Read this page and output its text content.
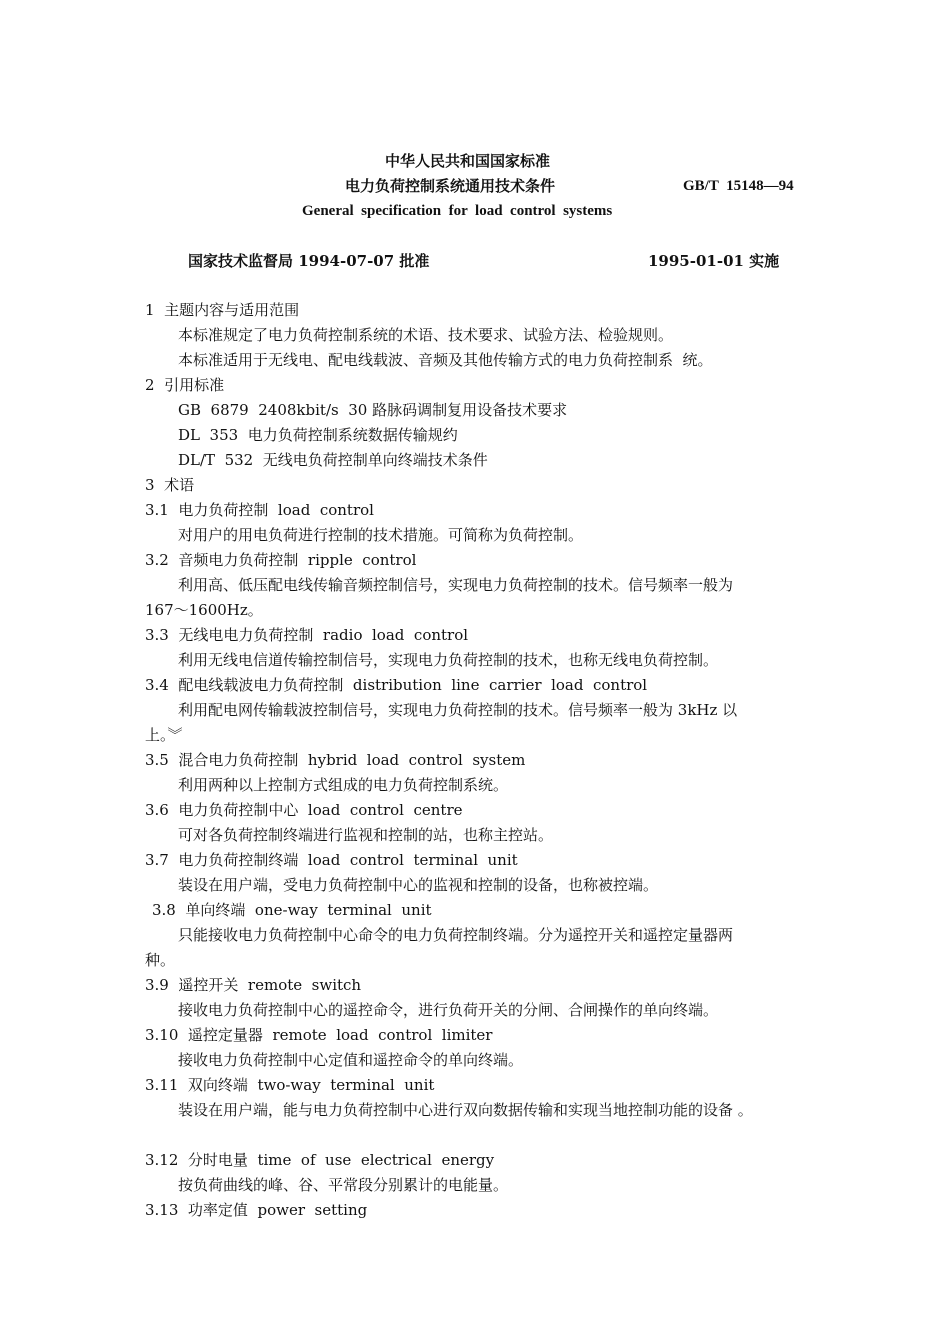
中华人民共和国国家标准
电力负荷控制系统通用技术条件	GB/T  15148—94
General  specification  for  load  control  systems
国家技术监督局 1994-07-07 批准	1995-01-01 实施
1  主题内容与适用范围
本标准规定了电力负荷控制系统的术语、技术要求、试验方法、检验规则。
本标准适用于无线电、配电线载波、音频及其他传输方式的电力负荷控制系  统。
2  引用标准
GB  6879  2408kbit/s  30 路脉码调制复用设备技术要求
DL  353  电力负荷控制系统数据传输规约
DL/T  532  无线电负荷控制单向终端技术条件
3  术语
3.1  电力负荷控制  load  control
对用户的用电负荷进行控制的技术措施。可简称为负荷控制。
3.2  音频电力负荷控制  ripple  control
利用高、低压配电线传输音频控制信号，实现电力负荷控制的技术。信号频率一般为
167～1600Hz。
3.3  无线电电力负荷控制  radio  load  control
利用无线电信道传输控制信号，实现电力负荷控制的技术，也称无线电负荷控制。
3.4  配电线载波电力负荷控制  distribution  line  carrier  load  control
利用配电网传输载波控制信号，实现电力负荷控制的技术。信号频率一般为 3kHz 以
上。︾
3.5  混合电力负荷控制  hybrid  load  control  system
利用两种以上控制方式组成的电力负荷控制系统。
3.6  电力负荷控制中心  load  control  centre
可对各负荷控制终端进行监视和控制的站，也称主控站。
3.7  电力负荷控制终端  load  control  terminal  unit
装设在用户端，受电力负荷控制中心的监视和控制的设备，也称被控端。
3.8  单向终端  one-way  terminal  unit
只能接收电力负荷控制中心命令的电力负荷控制终端。分为遥控开关和遥控定量器两
种。
3.9  遥控开关  remote  switch
接收电力负荷控制中心的遥控命令，进行负荷开关的分闸、合闸操作的单向终端。
3.10  遥控定量器  remote  load  control  limiter
接收电力负荷控制中心定值和遥控命令的单向终端。
3.11  双向终端  two-way  terminal  unit
装设在用户端，能与电力负荷控制中心进行双向数据传输和实现当地控制功能的设备 。
3.12  分时电量  time  of  use  electrical  energy
按负荷曲线的峰、谷、平常段分别累计的电能量。
3.13  功率定值  power  setting
